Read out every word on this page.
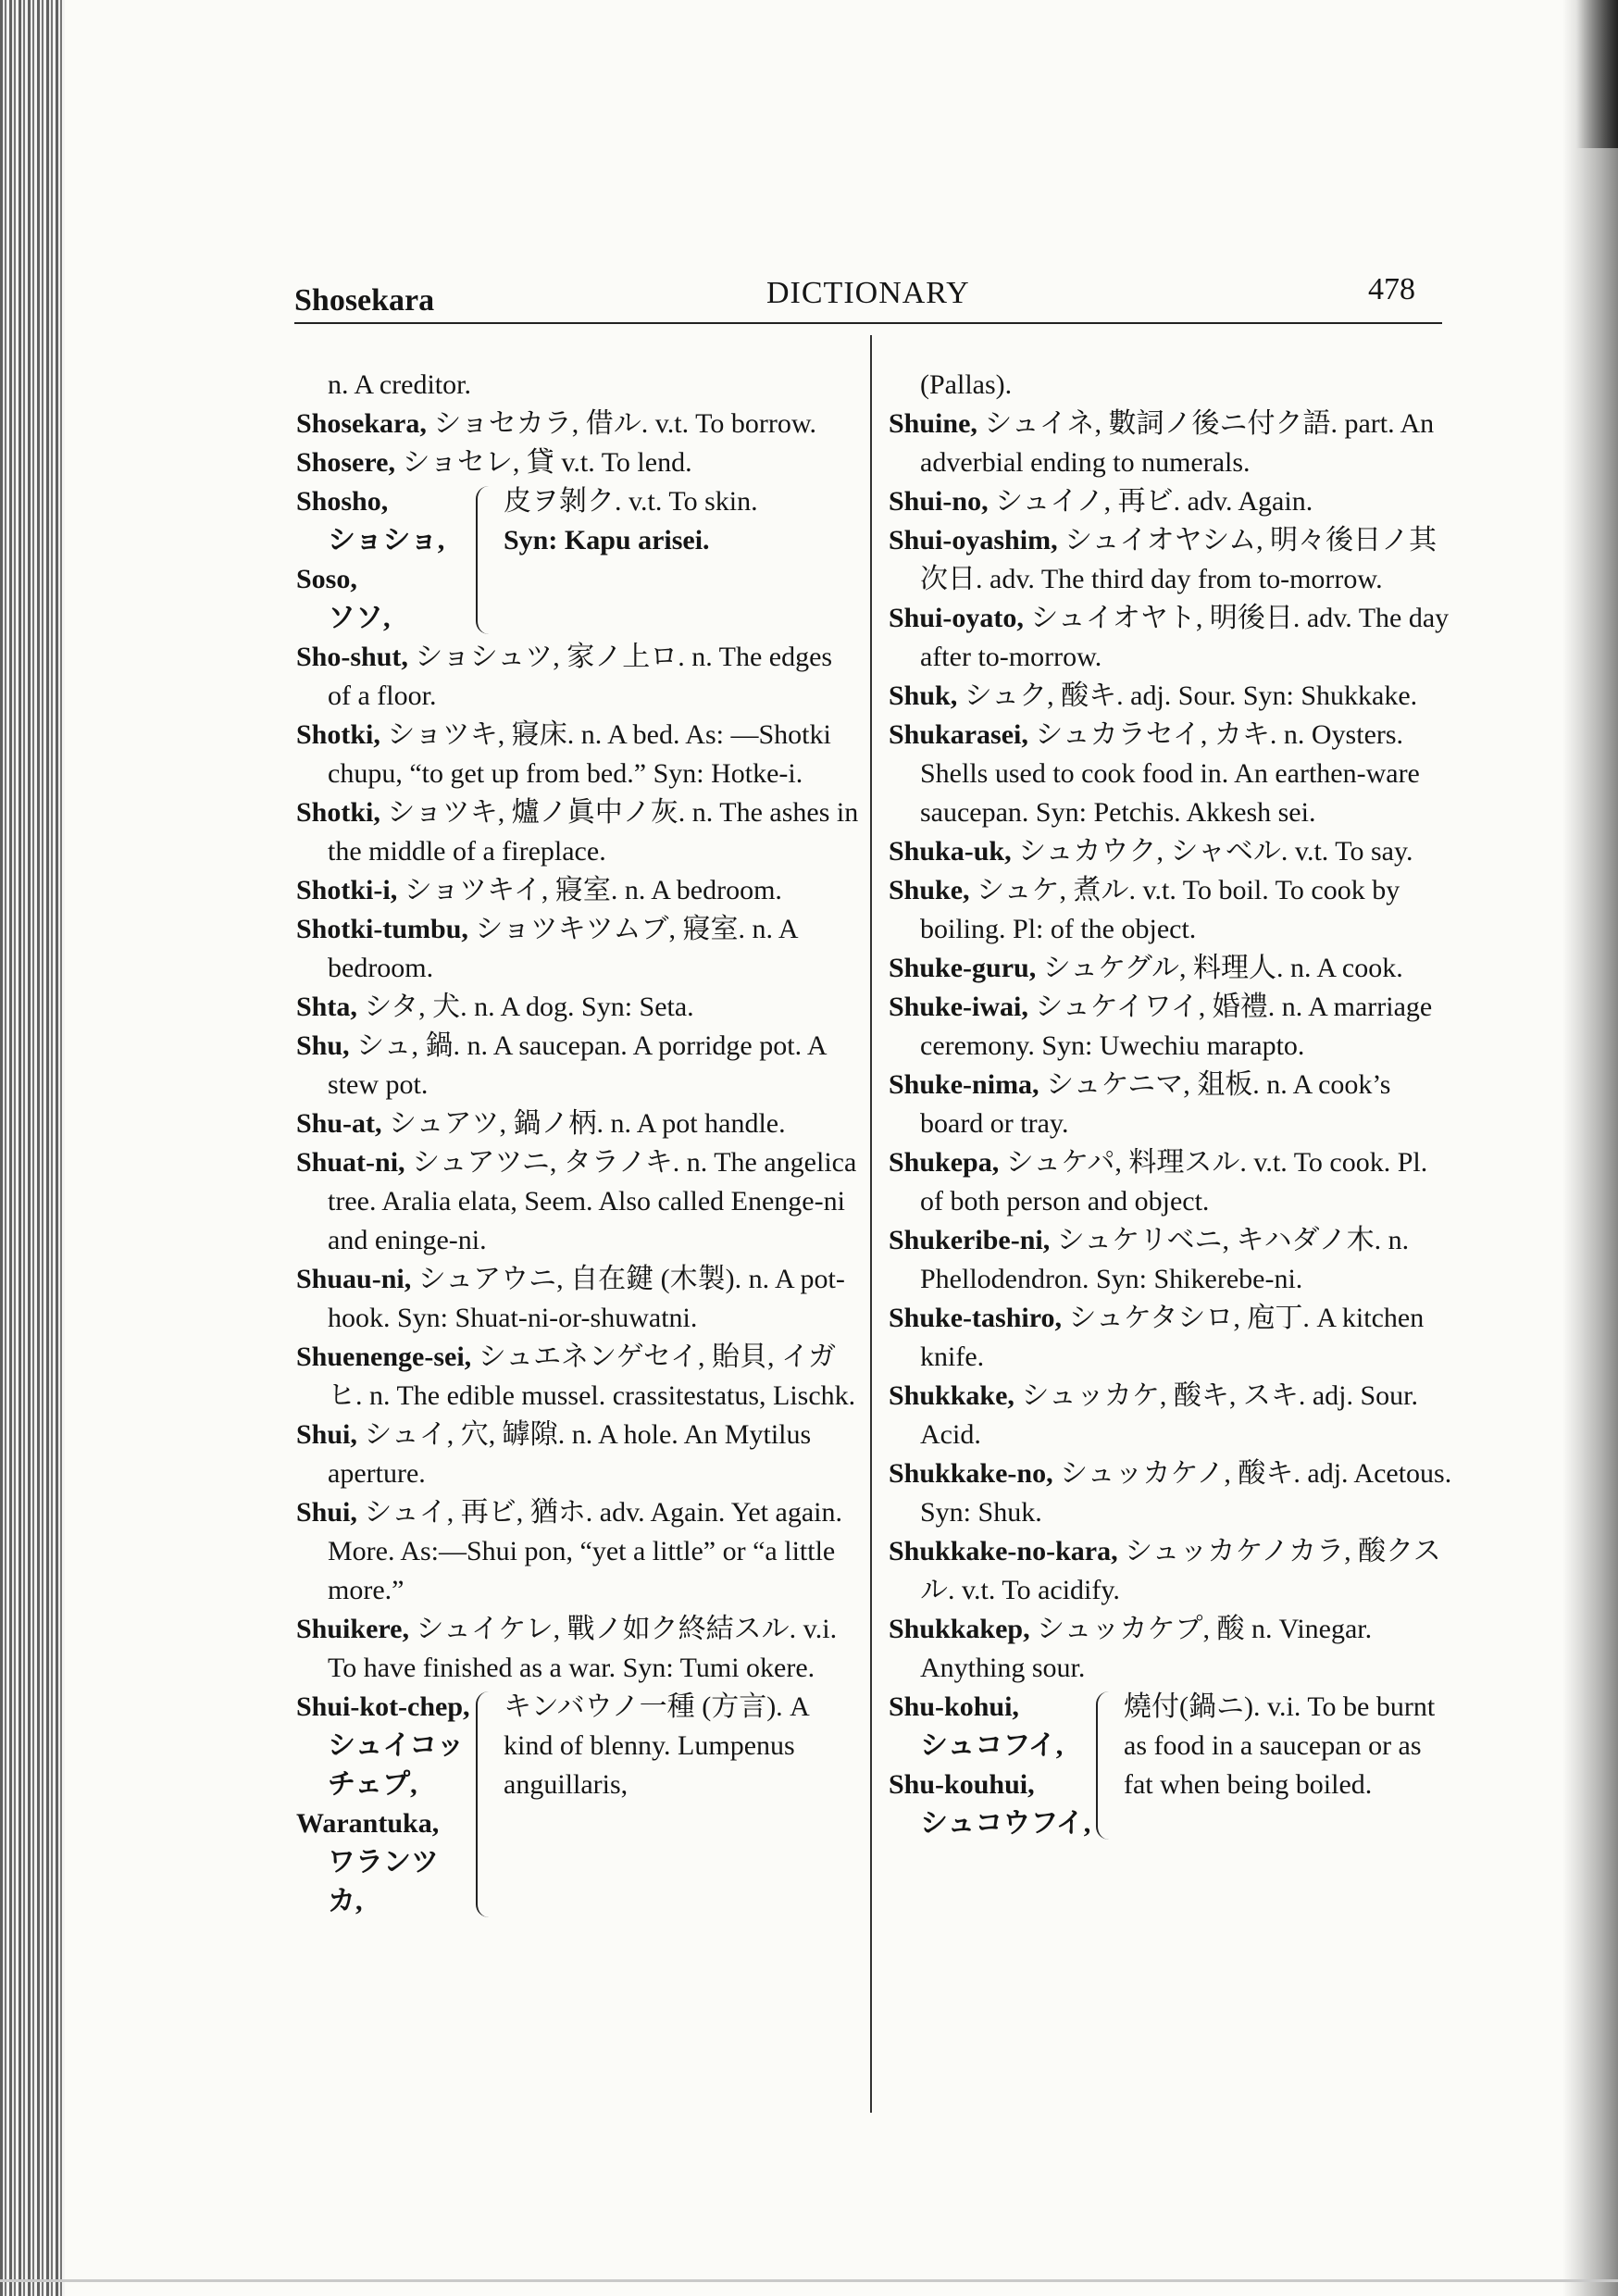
Shosekara	DICTIONARY	478
n. A creditor.
Shosekara, ショセカラ, 借ル. v.t. To borrow.
Shosere, ショセレ, 貸 v.t. To lend.
Shosho,
ショショ,
Soso,
ソソ,
皮ヲ剝ク. v.t. To skin.
Syn: Kapu arisei.
Sho-shut, ショシュツ, 家ノ上ロ. n. The edges of a floor.
Shotki, ショツキ, 寢床. n. A bed. As: —Shotki chupu, “to get up from bed.” Syn: Hotke-i.
Shotki, ショツキ, 爐ノ眞中ノ灰. n. The ashes in the middle of a fireplace.
Shotki-i, ショツキイ, 寢室. n. A bedroom.
Shotki-tumbu, ショツキツムブ, 寢室. n. A bedroom.
Shta, シタ, 犬. n. A dog. Syn: Seta.
Shu, シュ, 鍋. n. A saucepan. A porridge pot. A stew pot.
Shu-at, シュアツ, 鍋ノ柄. n. A pot handle.
Shuat-ni, シュアツニ, タラノキ. n. The angelica tree. Aralia elata, Seem. Also called Enenge-ni and eninge-ni.
Shuau-ni, シュアウニ, 自在鍵 (木製). n. A pot-hook. Syn: Shuat-ni-or-shuwatni.
Shuenenge-sei, シュエネンゲセイ, 貽貝, イガヒ. n. The edible mussel. crassitestatus, Lischk.
Shui, シュイ, 穴, 罅隙. n. A hole. An Mytilus aperture.
Shui, シュイ, 再ビ, 猶ホ. adv. Again. Yet again. More. As:—Shui pon, “yet a little” or “a little more.”
Shuikere, シュイケレ, 戰ノ如ク終結スル. v.i. To have finished as a war. Syn: Tumi okere.
Shui-kot-chep,
シュイコッチェプ,
Warantuka,
ワランツカ,
キンバウノ一種 (方言). A kind of blenny. Lumpenus anguillaris,
(Pallas).
Shuine, シュイネ, 數詞ノ後ニ付ク語. part. An adverbial ending to numerals.
Shui-no, シュイノ, 再ビ. adv. Again.
Shui-oyashim, シュイオヤシム, 明々後日ノ其次日. adv. The third day from to-morrow.
Shui-oyato, シュイオヤト, 明後日. adv. The day after to-morrow.
Shuk, シュク, 酸キ. adj. Sour. Syn: Shukkake.
Shukarasei, シュカラセイ, カキ. n. Oysters. Shells used to cook food in. An earthen-ware saucepan. Syn: Petchis. Akkesh sei.
Shuka-uk, シュカウク, シャベル. v.t. To say.
Shuke, シュケ, 煮ル. v.t. To boil. To cook by boiling. Pl: of the object.
Shuke-guru, シュケグル, 料理人. n. A cook.
Shuke-iwai, シュケイワイ, 婚禮. n. A marriage ceremony. Syn: Uwechiu marapto.
Shuke-nima, シュケニマ, 爼板. n. A cook’s board or tray.
Shukepa, シュケパ, 料理スル. v.t. To cook. Pl. of both person and object.
Shukeribe-ni, シュケリベニ, キハダノ木. n. Phellodendron. Syn: Shikerebe-ni.
Shuke-tashiro, シュケタシロ, 庖丁. A kitchen knife.
Shukkake, シュッカケ, 酸キ, スキ. adj. Sour. Acid.
Shukkake-no, シュッカケノ, 酸キ. adj. Acetous. Syn: Shuk.
Shukkake-no-kara, シュッカケノカラ, 酸クスル. v.t. To acidify.
Shukkakep, シュッカケプ, 酸 n. Vinegar. Anything sour.
Shu-kohui,
シュコフイ,
Shu-kouhui,
シュコウフイ,
燒付(鍋ニ). v.i. To be burnt as food in a saucepan or as fat when being boiled.
